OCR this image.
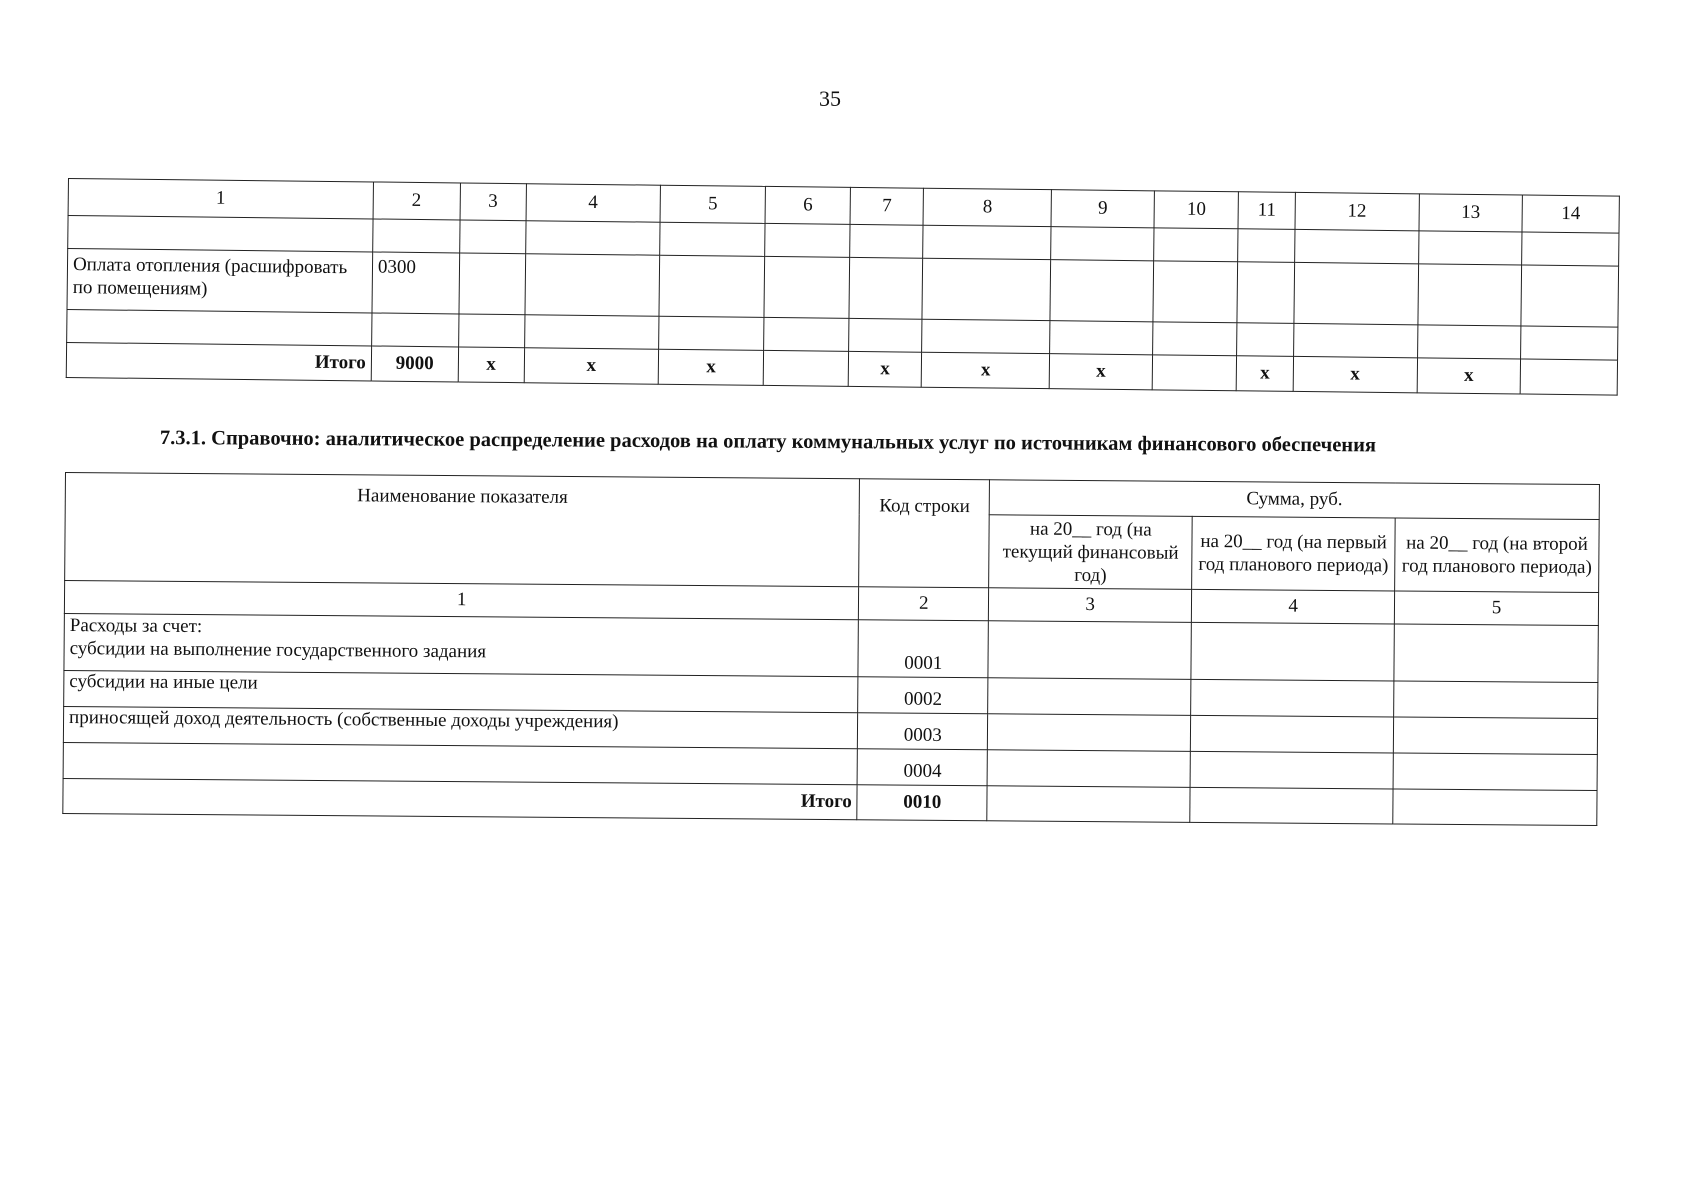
35
1	2	3	4	5	6	7	8	9	10	11	12	13	14

Оплата отопления (расшифровать по помещениям)	0300												

Итого	9000	х	х	х		х	х	х		х	х	х	
7.3.1. Справочно: аналитическое распределение расходов на оплату коммунальных услуг по источникам финансового обеспечения
Наименование показателя	Код строки	Сумма, руб.		
		на 20__ год (на текущий финансовый год)	на 20__ год (на первый год планового периода)	на 20__ год (на второй год планового периода)
1	2	3	4	5

Расходы за счет:
субсидии на выполнение государственного задания	0001			
субсидии на иные цели	0002			
приносящей доход деятельность (собственные доходы учреждения)	0003			
	0004			
Итого	0010			
